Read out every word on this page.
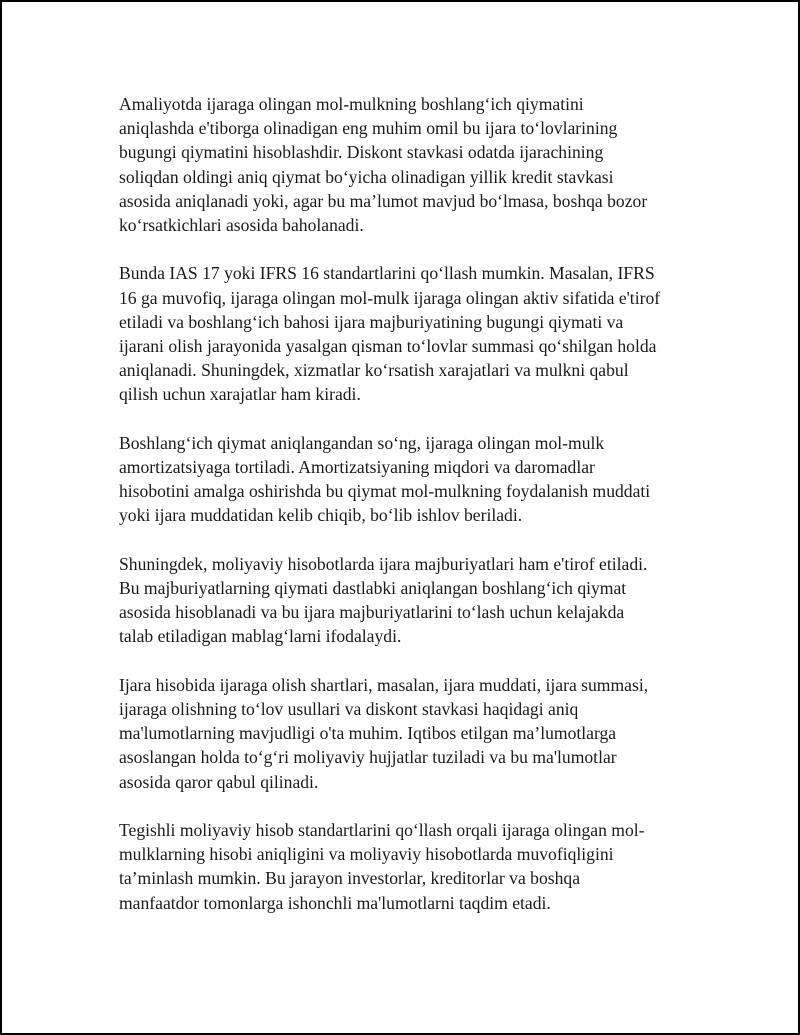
Amaliyotda ijaraga olingan mol-mulkning boshlang‘ich qiymatini
aniqlashda e'tiborga olinadigan eng muhim omil bu ijara to‘lovlarining
bugungi qiymatini hisoblashdir. Diskont stavkasi odatda ijarachining
soliqdan oldingi aniq qiymat bo‘yicha olinadigan yillik kredit stavkasi
asosida aniqlanadi yoki, agar bu ma’lumot mavjud bo‘lmasa, boshqa bozor
ko‘rsatkichlari asosida baholanadi.

Bunda IAS 17 yoki IFRS 16 standartlarini qo‘llash mumkin. Masalan, IFRS
16 ga muvofiq, ijaraga olingan mol-mulk ijaraga olingan aktiv sifatida e'tirof
etiladi va boshlang‘ich bahosi ijara majburiyatining bugungi qiymati va
ijarani olish jarayonida yasalgan qisman to‘lovlar summasi qo‘shilgan holda
aniqlanadi. Shuningdek, xizmatlar ko‘rsatish xarajatlari va mulkni qabul
qilish uchun xarajatlar ham kiradi.

Boshlang‘ich qiymat aniqlangandan so‘ng, ijaraga olingan mol-mulk
amortizatsiyaga tortiladi. Amortizatsiyaning miqdori va daromadlar
hisobotini amalga oshirishda bu qiymat mol-mulkning foydalanish muddati
yoki ijara muddatidan kelib chiqib, bo‘lib ishlov beriladi.

Shuningdek, moliyaviy hisobotlarda ijara majburiyatlari ham e'tirof etiladi.
Bu majburiyatlarning qiymati dastlabki aniqlangan boshlang‘ich qiymat
asosida hisoblanadi va bu ijara majburiyatlarini to‘lash uchun kelajakda
talab etiladigan mablag‘larni ifodalaydi.

Ijara hisobida ijaraga olish shartlari, masalan, ijara muddati, ijara summasi,
ijaraga olishning to‘lov usullari va diskont stavkasi haqidagi aniq
ma'lumotlarning mavjudligi o'ta muhim. Iqtibos etilgan ma’lumotlarga
asoslangan holda to‘g‘ri moliyaviy hujjatlar tuziladi va bu ma'lumotlar
asosida qaror qabul qilinadi.

Tegishli moliyaviy hisob standartlarini qo‘llash orqali ijaraga olingan mol-
mulklarning hisobi aniqligini va moliyaviy hisobotlarda muvofiqligini
ta’minlash mumkin. Bu jarayon investorlar, kreditorlar va boshqa
manfaatdor tomonlarga ishonchli ma'lumotlarni taqdim etadi.
